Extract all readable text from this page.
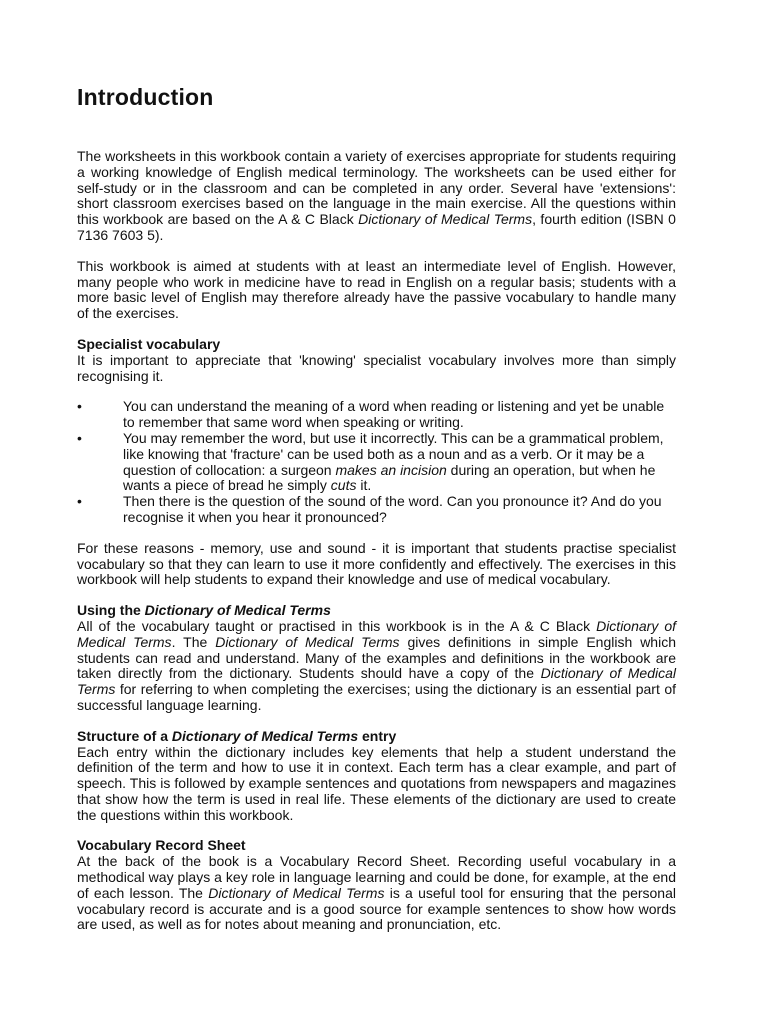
Introduction

The worksheets in this workbook contain a variety of exercises appropriate for students requiring a working knowledge of English medical terminology. The worksheets can be used either for self-study or in the classroom and can be completed in any order. Several have 'extensions': short classroom exercises based on the language in the main exercise. All the questions within this workbook are based on the A & C Black Dictionary of Medical Terms, fourth edition (ISBN 0 7136 7603 5).

This workbook is aimed at students with at least an intermediate level of English. However, many people who work in medicine have to read in English on a regular basis; students with a more basic level of English may therefore already have the passive vocabulary to handle many of the exercises.

Specialist vocabulary

It is important to appreciate that 'knowing' specialist vocabulary involves more than simply recognising it.

•	You can understand the meaning of a word when reading or listening and yet be unable to remember that same word when speaking or writing.
•	You may remember the word, but use it incorrectly. This can be a grammatical problem, like knowing that 'fracture' can be used both as a noun and as a verb. Or it may be a question of collocation: a surgeon makes an incision during an operation, but when he wants a piece of bread he simply cuts it.
•	Then there is the question of the sound of the word. Can you pronounce it? And do you recognise it when you hear it pronounced?

For these reasons - memory, use and sound - it is important that students practise specialist vocabulary so that they can learn to use it more confidently and effectively. The exercises in this workbook will help students to expand their knowledge and use of medical vocabulary.

Using the Dictionary of Medical Terms

All of the vocabulary taught or practised in this workbook is in the A & C Black Dictionary of Medical Terms. The Dictionary of Medical Terms gives definitions in simple English which students can read and understand. Many of the examples and definitions in the workbook are taken directly from the dictionary. Students should have a copy of the Dictionary of Medical Terms for referring to when completing the exercises; using the dictionary is an essential part of successful language learning.

Structure of a Dictionary of Medical Terms entry

Each entry within the dictionary includes key elements that help a student understand the definition of the term and how to use it in context. Each term has a clear example, and part of speech. This is followed by example sentences and quotations from newspapers and magazines that show how the term is used in real life. These elements of the dictionary are used to create the questions within this workbook.

Vocabulary Record Sheet

At the back of the book is a Vocabulary Record Sheet. Recording useful vocabulary in a methodical way plays a key role in language learning and could be done, for example, at the end of each lesson. The Dictionary of Medical Terms is a useful tool for ensuring that the personal vocabulary record is accurate and is a good source for example sentences to show how words are used, as well as for notes about meaning and pronunciation, etc.
